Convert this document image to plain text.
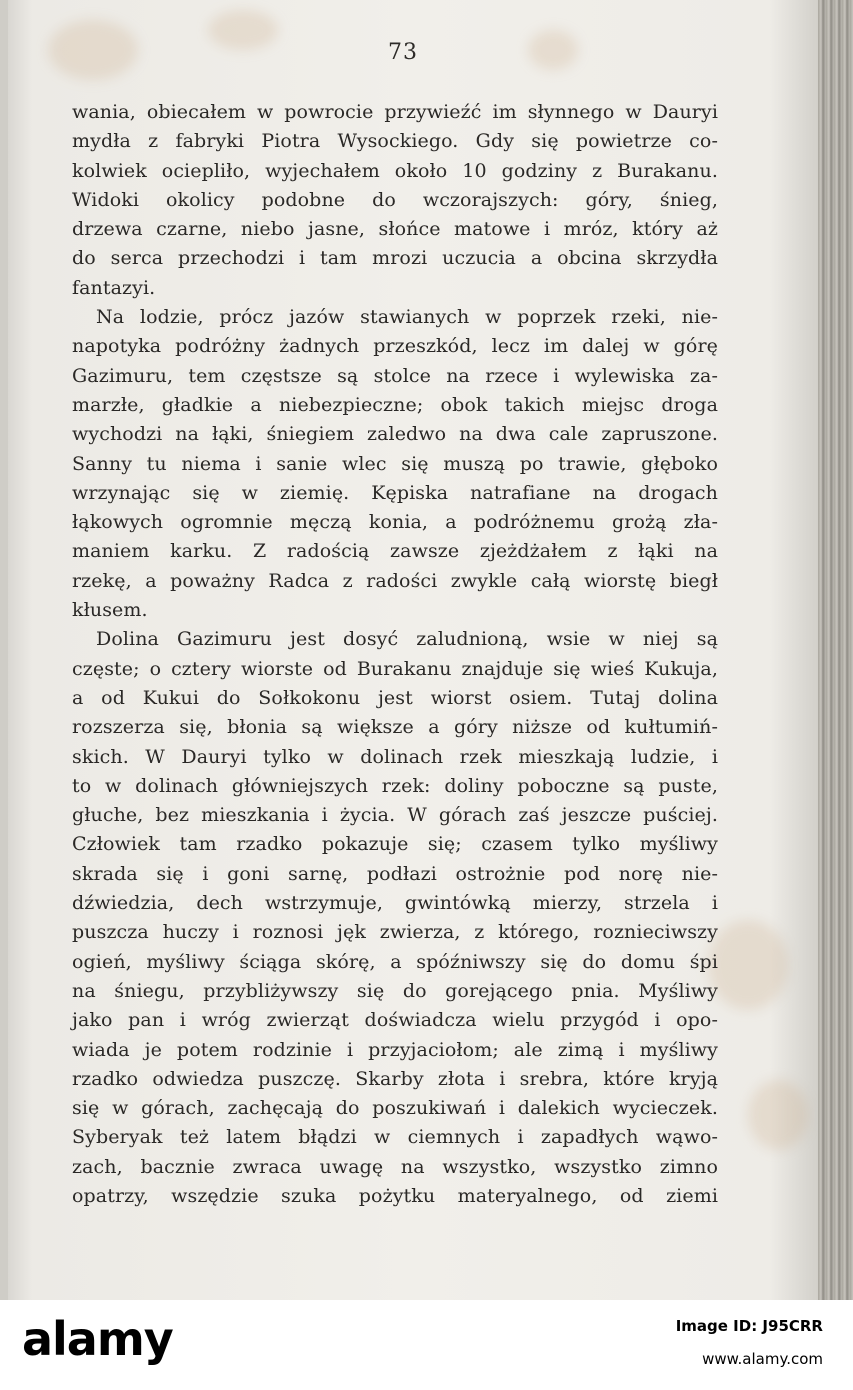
73
wania, obiecałem w powrocie przywieźć im słynnego w Dauryi
mydła z fabryki Piotra Wysockiego. Gdy się powietrze co-
kolwiek ociepliło, wyjechałem około 10 godziny z Burakanu.
Widoki okolicy podobne do wczorajszych: góry, śnieg,
drzewa czarne, niebo jasne, słońce matowe i mróz, który aż
do serca przechodzi i tam mrozi uczucia a obcina skrzydła
fantazyi.
Na lodzie, prócz jazów stawianych w poprzek rzeki, nie-
napotyka podróżny żadnych przeszkód, lecz im dalej w górę
Gazimuru, tem częstsze są stolce na rzece i wylewiska za-
marzłe, gładkie a niebezpieczne; obok takich miejsc droga
wychodzi na łąki, śniegiem zaledwo na dwa cale zapruszone.
Sanny tu niema i sanie wlec się muszą po trawie, głęboko
wrzynając się w ziemię. Kępiska natrafiane na drogach
łąkowych ogromnie męczą konia, a podróżnemu grożą zła-
maniem karku. Z radością zawsze zjeżdżałem z łąki na
rzekę, a poważny Radca z radości zwykle całą wiorstę biegł
kłusem.
Dolina Gazimuru jest dosyć zaludnioną, wsie w niej są
częste; o cztery wiorste od Burakanu znajduje się wieś Kukuja,
a od Kukui do Sołkokonu jest wiorst osiem. Tutaj dolina
rozszerza się, błonia są większe a góry niższe od kułtumiń-
skich. W Dauryi tylko w dolinach rzek mieszkają ludzie, i
to w dolinach główniejszych rzek: doliny poboczne są puste,
głuche, bez mieszkania i życia. W górach zaś jeszcze puściej.
Człowiek tam rzadko pokazuje się; czasem tylko myśliwy
skrada się i goni sarnę, podłazi ostrożnie pod norę nie-
dźwiedzia, dech wstrzymuje, gwintówką mierzy, strzela i
puszcza huczy i roznosi jęk zwierza, z którego, roznieciwszy
ogień, myśliwy ściąga skórę, a spóźniwszy się do domu śpi
na śniegu, przybliżywszy się do gorejącego pnia. Myśliwy
jako pan i wróg zwierząt doświadcza wielu przygód i opo-
wiada je potem rodzinie i przyjaciołom; ale zimą i myśliwy
rzadko odwiedza puszczę. Skarby złota i srebra, które kryją
się w górach, zachęcają do poszukiwań i dalekich wycieczek.
Syberyak też latem błądzi w ciemnych i zapadłych wąwo-
zach, bacznie zwraca uwagę na wszystko, wszystko zimno
opatrzy, wszędzie szuka pożytku materyalnego, od ziemi
alamy	Image ID: J95CRR
www.alamy.com
